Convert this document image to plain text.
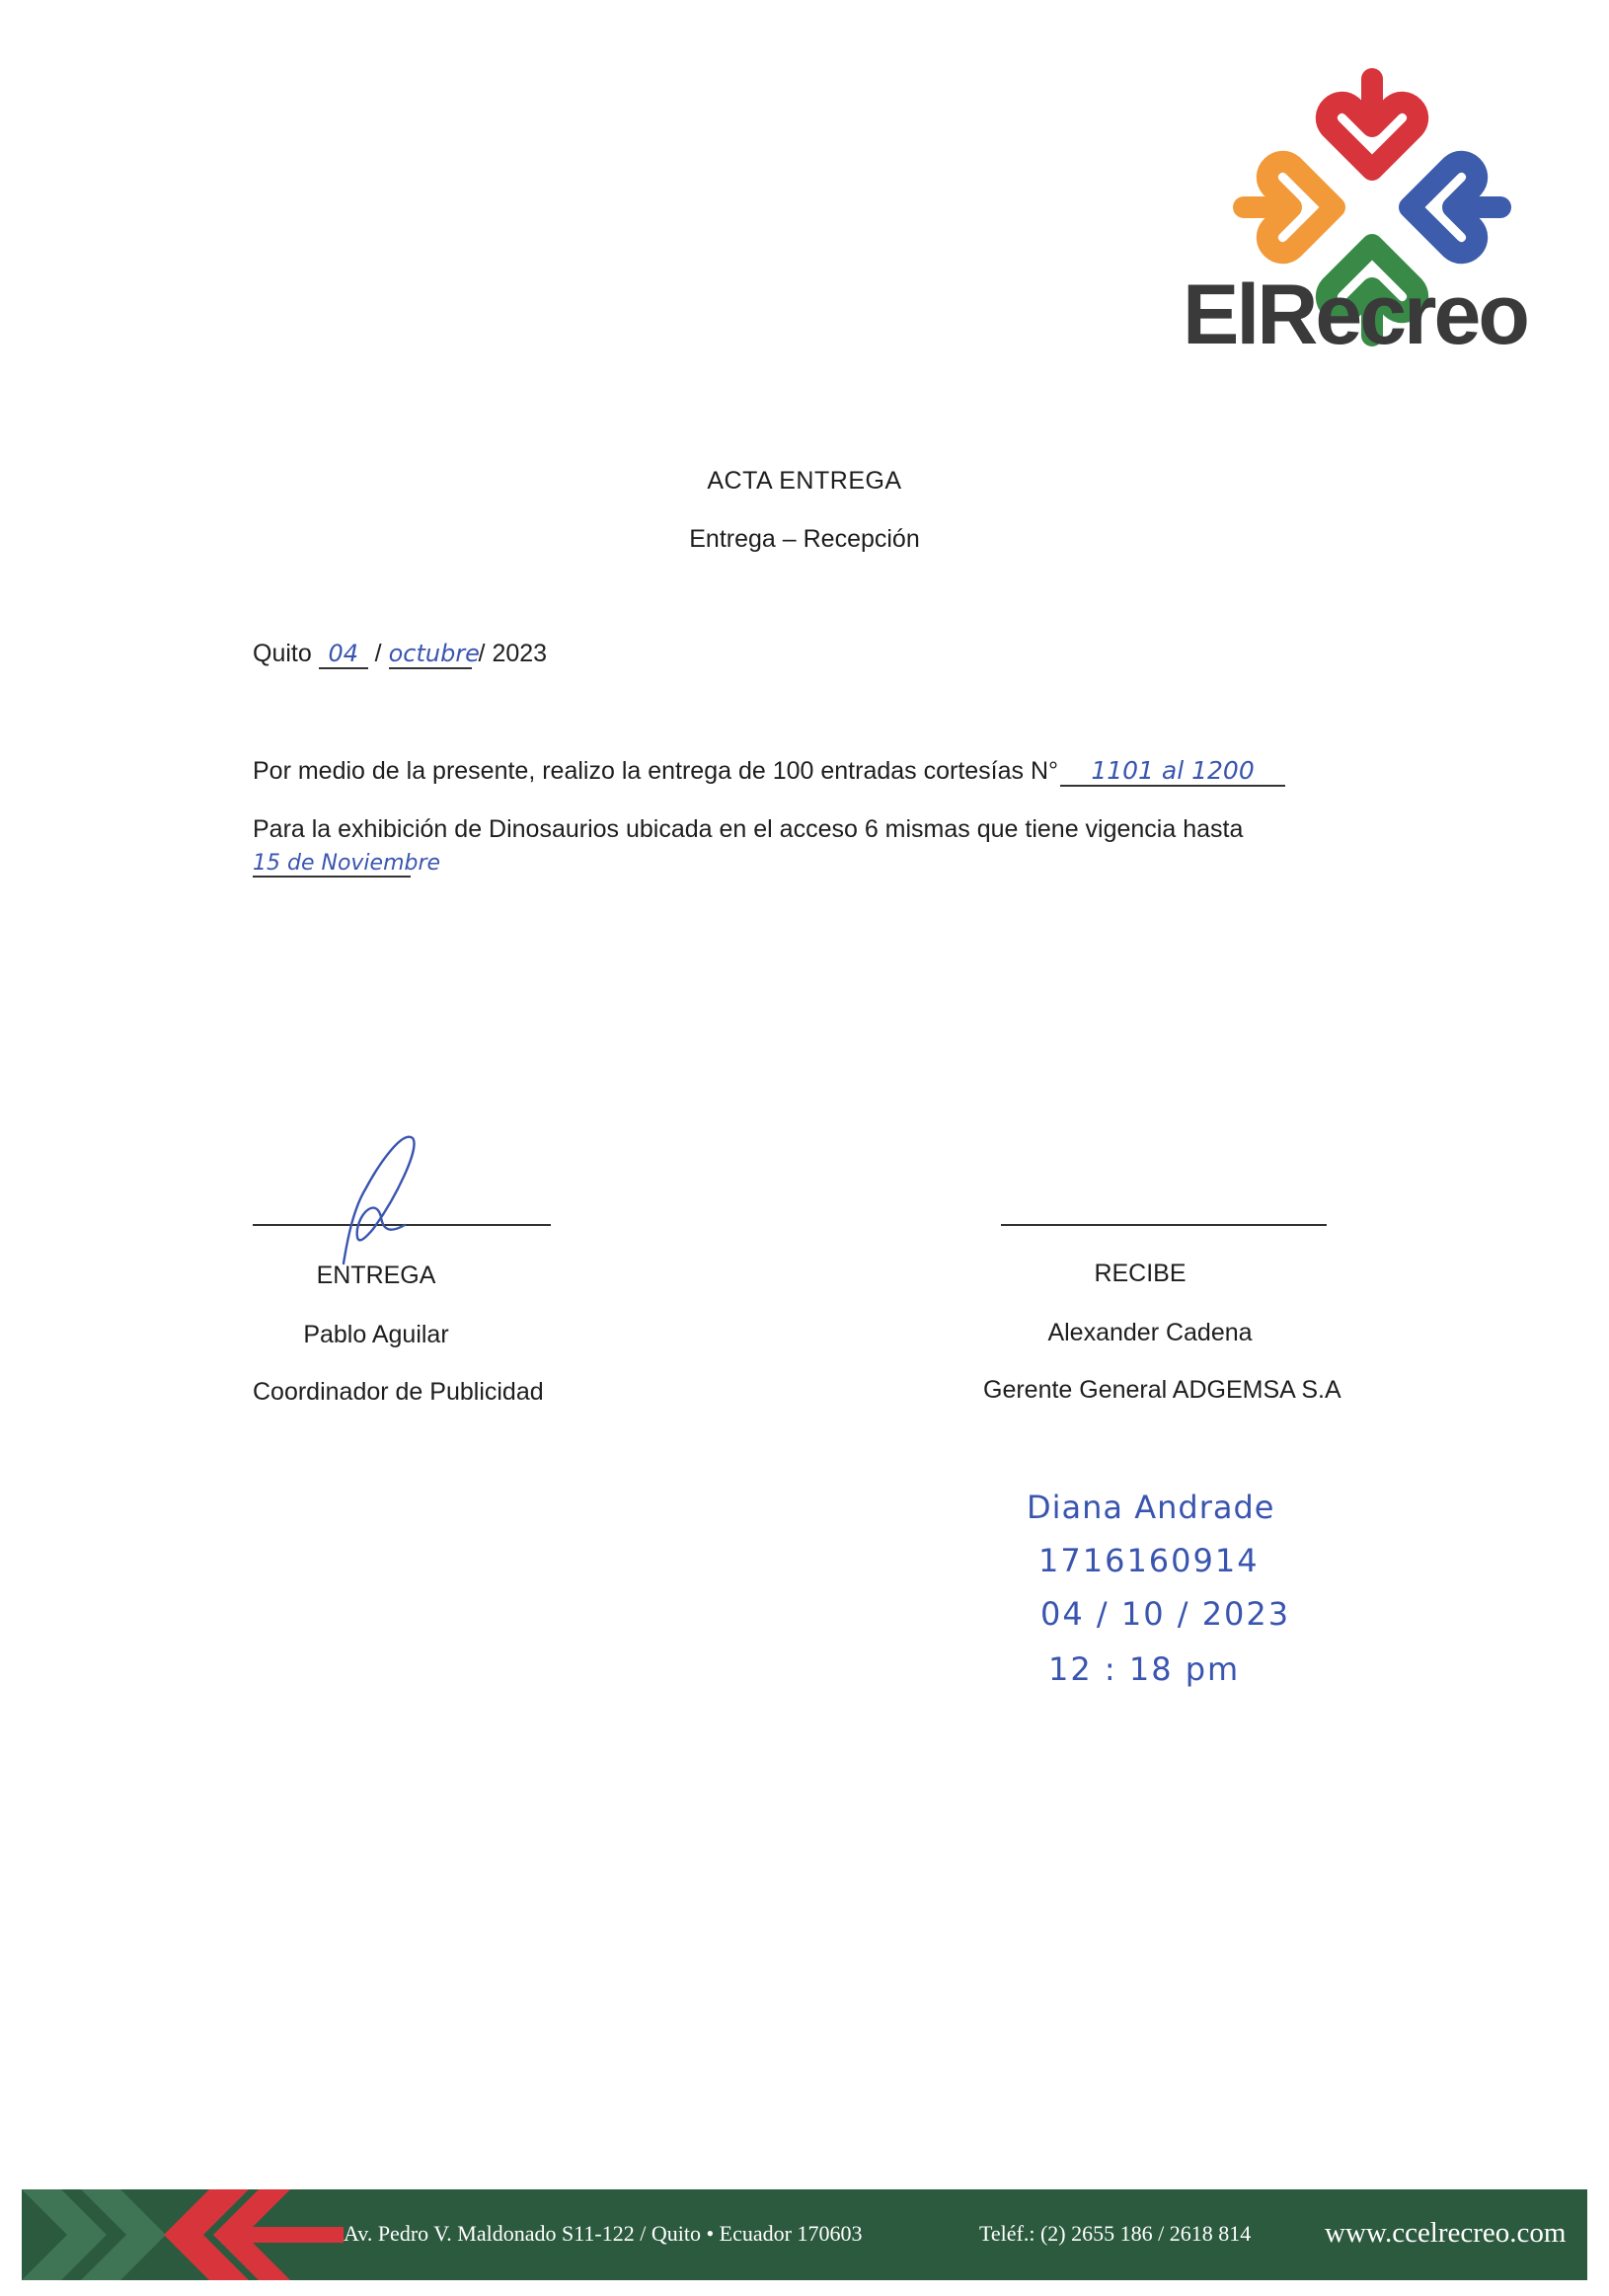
ElRecreo
ACTA ENTREGA
Entrega – Recepción
Quito 04 / octubre / 2023
Por medio de la presente, realizo la entrega de 100 entradas cortesías N° 1101 al 1200
Para la exhibición de Dinosaurios ubicada en el acceso 6 mismas que tiene vigencia hasta
15 de Noviembre
ENTREGA
Pablo Aguilar
Coordinador de Publicidad
RECIBE
Alexander Cadena
Gerente General ADGEMSA S.A
Diana Andrade
1716160914
04 / 10 / 2023
12 : 18 pm
Av. Pedro V. Maldonado S11-122 / Quito • Ecuador 170603	Teléf.: (2) 2655 186 / 2618 814	www.ccelrecreo.com
